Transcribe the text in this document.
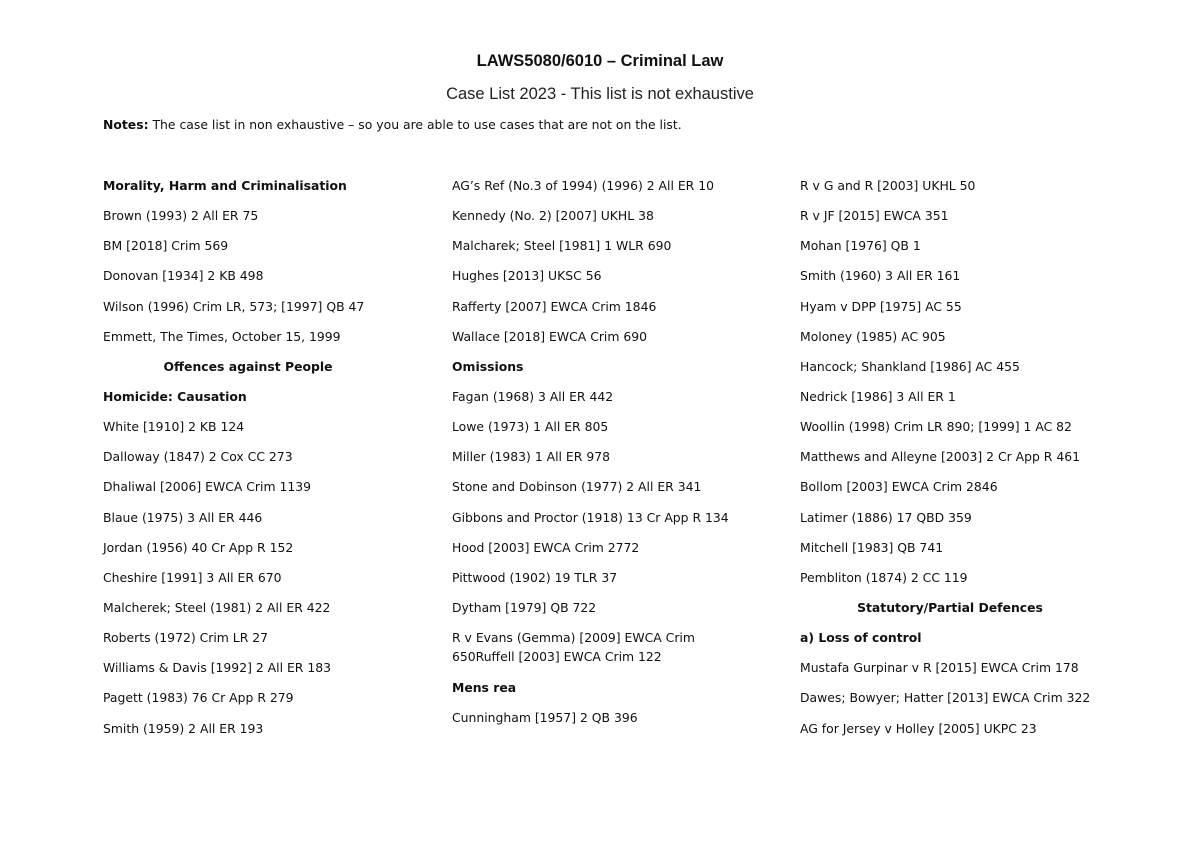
LAWS5080/6010 – Criminal Law
Case List 2023 - This list is not exhaustive
Notes: The case list in non exhaustive – so you are able to use cases that are not on the list.
Morality, Harm and Criminalisation
Brown (1993) 2 All ER 75
BM [2018] Crim 569
Donovan [1934] 2 KB 498
Wilson (1996) Crim LR, 573; [1997] QB 47
Emmett, The Times, October 15, 1999
Offences against People
Homicide: Causation
White [1910] 2 KB 124
Dalloway (1847) 2 Cox CC 273
Dhaliwal [2006] EWCA Crim 1139
Blaue (1975) 3 All ER 446
Jordan (1956) 40 Cr App R 152
Cheshire [1991] 3 All ER 670
Malcherek; Steel (1981) 2 All ER 422
Roberts (1972) Crim LR 27
Williams & Davis [1992] 2 All ER 183
Pagett (1983) 76 Cr App R 279
Smith (1959) 2 All ER 193
AG’s Ref (No.3 of 1994) (1996) 2 All ER 10
Kennedy (No. 2) [2007] UKHL 38
Malcharek; Steel [1981] 1 WLR 690
Hughes [2013] UKSC 56
Rafferty [2007] EWCA Crim 1846
Wallace [2018] EWCA Crim 690
Omissions
Fagan (1968) 3 All ER 442
Lowe (1973) 1 All ER 805
Miller (1983) 1 All ER 978
Stone and Dobinson (1977) 2 All ER 341
Gibbons and Proctor (1918) 13 Cr App R 134
Hood [2003] EWCA Crim 2772
Pittwood (1902) 19 TLR 37
Dytham [1979] QB 722
R v Evans (Gemma) [2009] EWCA Crim 650Ruffell [2003] EWCA Crim 122
Mens rea
Cunningham [1957] 2 QB 396
R v G and R [2003] UKHL 50
R v JF [2015] EWCA 351
Mohan [1976] QB 1
Smith (1960) 3 All ER 161
Hyam v DPP [1975] AC 55
Moloney (1985) AC 905
Hancock; Shankland [1986] AC 455
Nedrick [1986] 3 All ER 1
Woollin (1998) Crim LR 890; [1999] 1 AC 82
Matthews and Alleyne [2003] 2 Cr App R 461
Bollom [2003] EWCA Crim 2846
Latimer (1886) 17 QBD 359
Mitchell [1983] QB 741
Pembliton (1874) 2 CC 119
Statutory/Partial Defences
a) Loss of control
Mustafa Gurpinar v R [2015] EWCA Crim 178
Dawes; Bowyer; Hatter [2013] EWCA Crim 322
AG for Jersey v Holley [2005] UKPC 23
